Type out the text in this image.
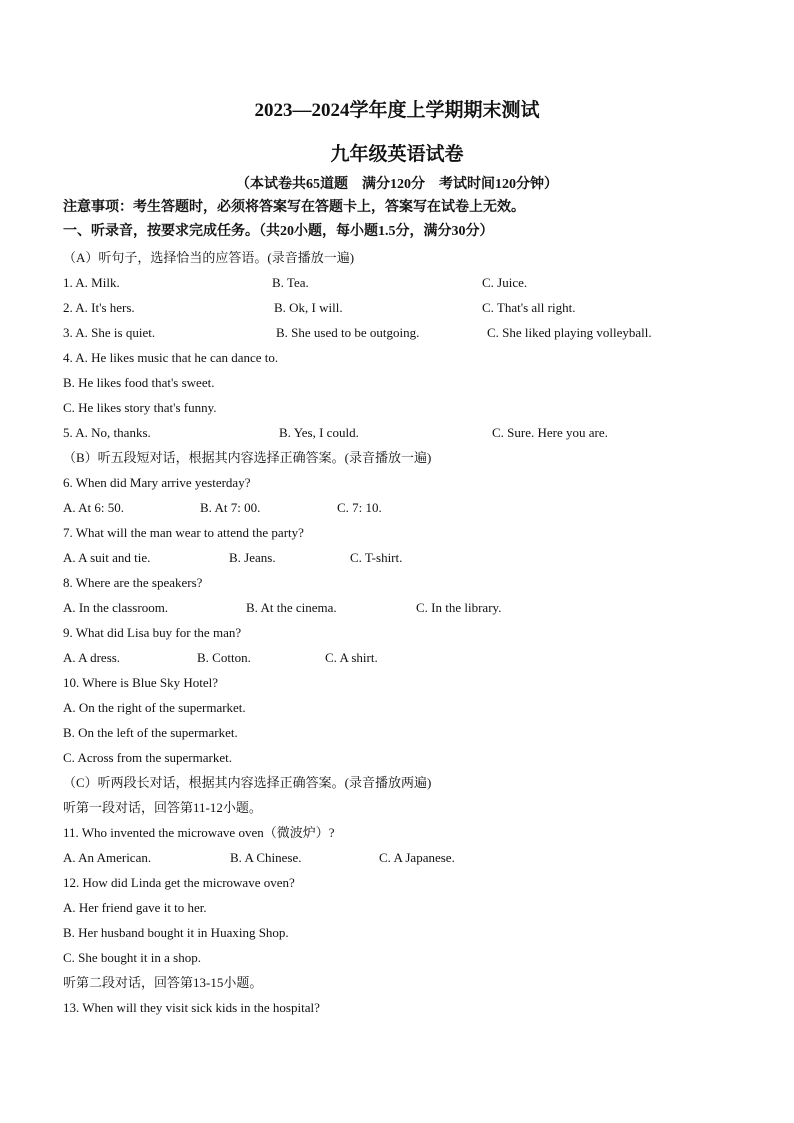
2023—2024学年度上学期期末测试
九年级英语试卷
（本试卷共65道题    满分120分    考试时间120分钟）
注意事项：考生答题时，必须将答案写在答题卡上，答案写在试卷上无效。
一、听录音，按要求完成任务。（共20小题，每小题1.5分，满分30分）
（A）听句子，选择恰当的应答语。(录音播放一遍)
1. A. Milk.	B. Tea.	C. Juice.
2. A. It's hers.	B. Ok, I will.	C. That's all right.
3. A. She is quiet.	B. She used to be outgoing.	C. She liked playing volleyball.
4. A. He likes music that he can dance to.
B. He likes food that's sweet.
C. He likes story that's funny.
5. A. No, thanks.	B. Yes, I could.	C. Sure. Here you are.
（B）听五段短对话，根据其内容选择正确答案。(录音播放一遍)
6. When did Mary arrive yesterday?
A. At 6: 50.	B. At 7: 00.	C. 7: 10.
7. What will the man wear to attend the party?
A. A suit and tie.	B. Jeans.	C. T-shirt.
8. Where are the speakers?
A. In the classroom.	B. At the cinema.	C. In the library.
9. What did Lisa buy for the man?
A. A dress.	B. Cotton.	C. A shirt.
10. Where is Blue Sky Hotel?
A. On the right of the supermarket.
B. On the left of the supermarket.
C. Across from the supermarket.
（C）听两段长对话，根据其内容选择正确答案。(录音播放两遍)
听第一段对话，回答第11-12小题。
11. Who invented the microwave oven（微波炉）?
A. An American.	B. A Chinese.	C. A Japanese.
12. How did Linda get the microwave oven?
A. Her friend gave it to her.
B. Her husband bought it in Huaxing Shop.
C. She bought it in a shop.
听第二段对话，回答第13-15小题。
13. When will they visit sick kids in the hospital?
